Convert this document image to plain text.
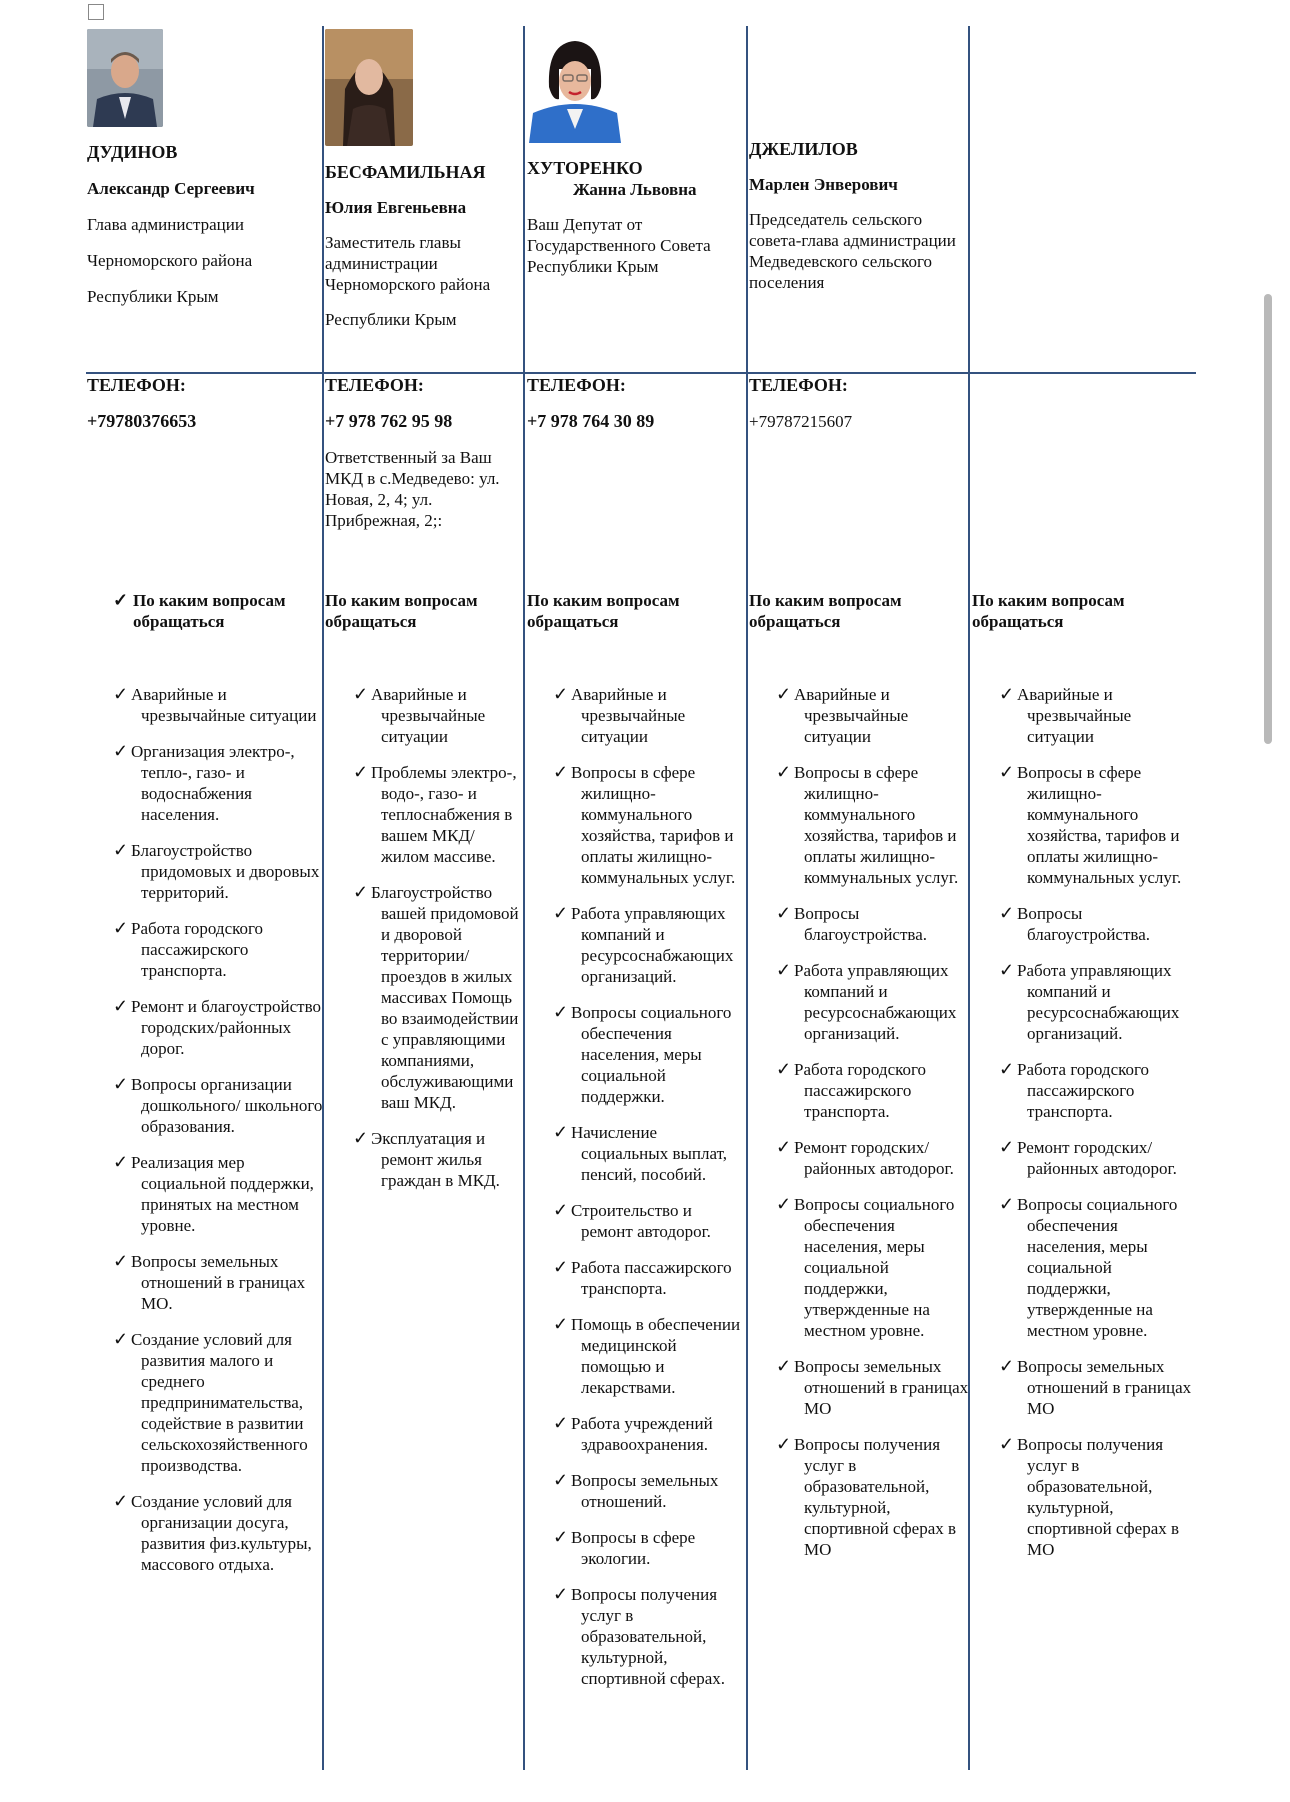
ДУДИНОВ
Александр Сергеевич
Глава администрации
Черноморского района
Республики Крым
БЕСФАМИЛЬНАЯ
Юлия Евгеньевна
Заместитель главы администрации Черноморского района
Республики Крым
ХУТОРЕНКО
Жанна Львовна
Ваш Депутат от Государственного Совета Республики Крым
ДЖЕЛИЛОВ
Марлен Энверович
Председатель сельского совета-глава администрации Медведевского сельского поселения
ТЕЛЕФОН:
+79780376653
ТЕЛЕФОН:
+7 978 762 95 98
Ответственный за Ваш МКД в с.Медведево: ул. Новая, 2, 4; ул. Прибрежная, 2;:
ТЕЛЕФОН:
+7 978 764 30 89
ТЕЛЕФОН:
+79787215607
✓ По каким вопросам обращаться
По каким вопросам обращаться
По каким вопросам обращаться
По каким вопросам обращаться
По каким вопросам обращаться
✓ Аварийные и чрезвычайные ситуации
✓ Организация электро-, тепло-, газо- и водоснабжения населения.
✓ Благоустройство придомовых и дворовых территорий.
✓ Работа городского пассажирского транспорта.
✓ Ремонт и благоустройство городских/районных дорог.
✓ Вопросы организации дошкольного/ школьного образования.
✓ Реализация мер социальной поддержки, принятых на местном уровне.
✓ Вопросы земельных отношений в границах МО.
✓ Создание условий для развития малого и среднего предпринимательства, содействие в развитии сельскохозяйственного производства.
✓ Создание условий для организации досуга, развития физ.культуры, массового отдыха.
✓ Аварийные и чрезвычайные ситуации
✓ Проблемы электро-, водо-, газо- и теплоснабжения в вашем МКД/ жилом массиве.
✓ Благоустройство вашей придомовой и дворовой территории/ проездов в жилых массивах Помощь во взаимодействии с управляющими компаниями, обслуживающими ваш МКД.
✓ Эксплуатация и ремонт жилья граждан в МКД.
✓ Аварийные и чрезвычайные ситуации
✓ Вопросы в сфере жилищно-коммунального хозяйства, тарифов и оплаты жилищно-коммунальных услуг.
✓ Работа управляющих компаний и ресурсоснабжающих организаций.
✓ Вопросы социального обеспечения населения, меры социальной поддержки.
✓ Начисление социальных выплат, пенсий, пособий.
✓ Строительство и ремонт автодорог.
✓ Работа пассажирского транспорта.
✓ Помощь в обеспечении медицинской помощью и лекарствами.
✓ Работа учреждений здравоохранения.
✓ Вопросы земельных отношений.
✓ Вопросы в сфере экологии.
✓ Вопросы получения услуг в образовательной, культурной, спортивной сферах.
✓ Аварийные и чрезвычайные ситуации
✓ Вопросы в сфере жилищно-коммунального хозяйства, тарифов и оплаты жилищно-коммунальных услуг.
✓ Вопросы благоустройства.
✓ Работа управляющих компаний и ресурсоснабжающих организаций.
✓ Работа городского пассажирского транспорта.
✓ Ремонт городских/ районных автодорог.
✓ Вопросы социального обеспечения населения, меры социальной поддержки, утвержденные на местном уровне.
✓ Вопросы земельных отношений в границах МО
✓ Вопросы получения услуг в образовательной, культурной, спортивной сферах в МО
✓ Аварийные и чрезвычайные ситуации
✓ Вопросы в сфере жилищно-коммунального хозяйства, тарифов и оплаты жилищно-коммунальных услуг.
✓ Вопросы благоустройства.
✓ Работа управляющих компаний и ресурсоснабжающих организаций.
✓ Работа городского пассажирского транспорта.
✓ Ремонт городских/ районных автодорог.
✓ Вопросы социального обеспечения населения, меры социальной поддержки, утвержденные на местном уровне.
✓ Вопросы земельных отношений в границах МО
✓ Вопросы получения услуг в образовательной, культурной, спортивной сферах в МО
